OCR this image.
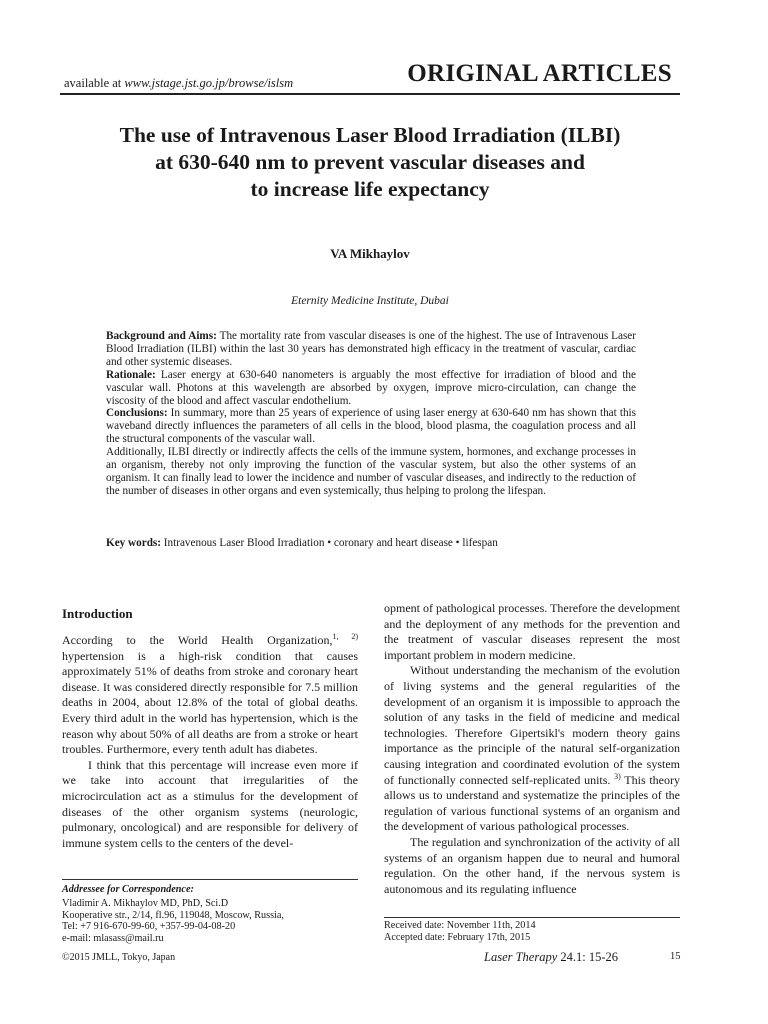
available at www.jstage.jst.go.jp/browse/islsm	ORIGINAL ARTICLES
The use of Intravenous Laser Blood Irradiation (ILBI)
at 630-640 nm to prevent vascular diseases and
to increase life expectancy
VA Mikhaylov
Eternity Medicine Institute, Dubai

Background and Aims: The mortality rate from vascular diseases is one of the highest. The use of Intravenous Laser Blood Irradiation (ILBI) within the last 30 years has demonstrated high efficacy in the treatment of vascular, cardiac and other systemic diseases.

Rationale: Laser energy at 630-640 nanometers is arguably the most effective for irradiation of blood and the vascular wall. Photons at this wavelength are absorbed by oxygen, improve micro-circulation, can change the viscosity of the blood and affect vascular endothelium.

Conclusions: In summary, more than 25 years of experience of using laser energy at 630-640 nm has shown that this waveband directly influences the parameters of all cells in the blood, blood plasma, the coagulation process and all the structural components of the vascular wall.

Additionally, ILBI directly or indirectly affects the cells of the immune system, hormones, and exchange processes in an organism, thereby not only improving the function of the vascular system, but also the other systems of an organism. It can finally lead to lower the incidence and number of vascular diseases, and indirectly to the reduction of the number of diseases in other organs and even systemically, thus helping to prolong the lifespan.

Key words: Intravenous Laser Blood Irradiation • coronary and heart disease • lifespan
Introduction

According to the World Health Organization,$^{1, 2)}$ hypertension is a high-risk condition that causes approximately 51% of deaths from stroke and coronary heart disease. It was considered directly responsible for 7.5 million deaths in 2004, about 12.8% of the total of global deaths. Every third adult in the world has hypertension, which is the reason why about 50% of all deaths are from a stroke or heart troubles. Furthermore, every tenth adult has diabetes.

I think that this percentage will increase even more if we take into account that irregularities of the microcirculation act as a stimulus for the development of diseases of the other organism systems (neurologic, pulmonary, oncological) and are responsible for delivery of immune system cells to the centers of the devel-

opment of pathological processes. Therefore the development and the deployment of any methods for the prevention and the treatment of vascular diseases represent the most important problem in modern medicine.

Without understanding the mechanism of the evolution of living systems and the general regularities of the development of an organism it is impossible to approach the solution of any tasks in the field of medicine and medical technologies. Therefore Gipertsikl's modern theory gains importance as the principle of the natural self-organization causing integration and coordinated evolution of the system of functionally connected self-replicated units. $^{3)}$ This theory allows us to understand and systematize the principles of the regulation of various functional systems of an organism and the development of various pathological processes.

The regulation and synchronization of the activity of all systems of an organism happen due to neural and humoral regulation. On the other hand, if the nervous system is autonomous and its regulating influence

Addressee for Correspondence:
Vladimir A. Mikhaylov MD, PhD, Sci.D
Kooperative str., 2/14, fl.96, 119048, Moscow, Russia,
Tel: +7 916-670-99-60, +357-99-04-08-20
e-mail: mlasass@mail.ru
Received date: November 11th, 2014
Accepted date: February 17th, 2015
©2015 JMLL, Tokyo, Japan	Laser Therapy 24.1: 15-26	15
